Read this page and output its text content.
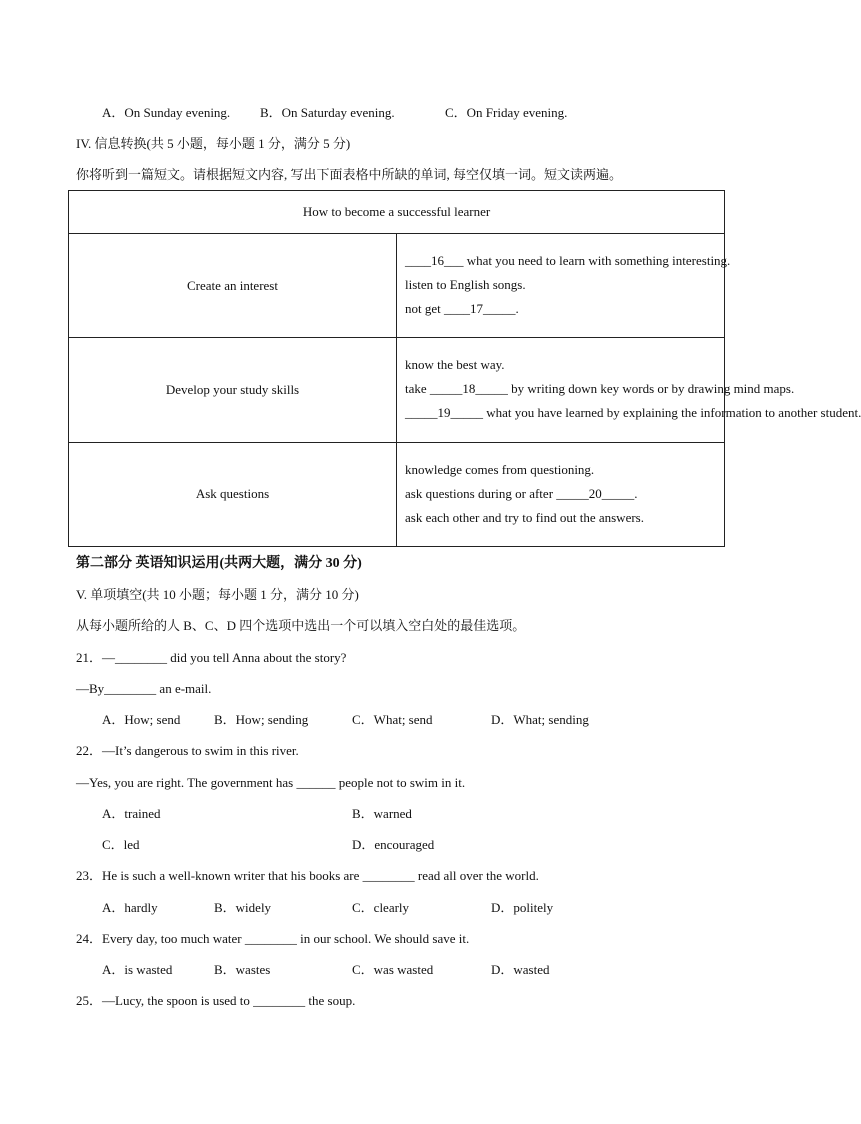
A．On Sunday evening. B．On Saturday evening.	C．On Friday evening.
IV. 信息转换(共 5 小题，每小题 1 分，满分 5 分)
你将听到一篇短文。请根据短文内容, 写出下面表格中所缺的单词, 每空仅填一词。短文读两遍。
How to become a successful learner	
Create an interest	____16___ what you need to learn with something interesting.
listen to English songs.
not get ____17_____.

Develop your study skills	know the best way.
take _____18_____ by writing down key words or by drawing mind maps.
_____19_____ what you have learned by explaining the information to another student.

Ask questions	knowledge comes from questioning.
ask questions during or after _____20_____.
ask each other and try to find out the answers.
第二部分 英语知识运用(共两大题，满分 30 分)
V. 单项填空(共 10 小题；每小题 1 分，满分 10 分)
从每小题所给的人 B、C、D 四个选项中选出一个可以填入空白处的最佳选项。
21．—________ did you tell Anna about the story?
—By________ an e-mail.
A．How; send	B．How; sending	C．What; send	D．What; sending
22．—It’s dangerous to swim in this river.
—Yes, you are right. The government has ______ people not to swim in it.
A．trained	B．warned
C．led	D．encouraged
23．He is such a well-known writer that his books are ________ read all over the world.
A．hardly	B．widely	C．clearly	D．politely
24．Every day, too much water ________ in our school. We should save it.
A．is wasted	B．wastes	C．was wasted	D．wasted
25．—Lucy, the spoon is used to ________ the soup.
